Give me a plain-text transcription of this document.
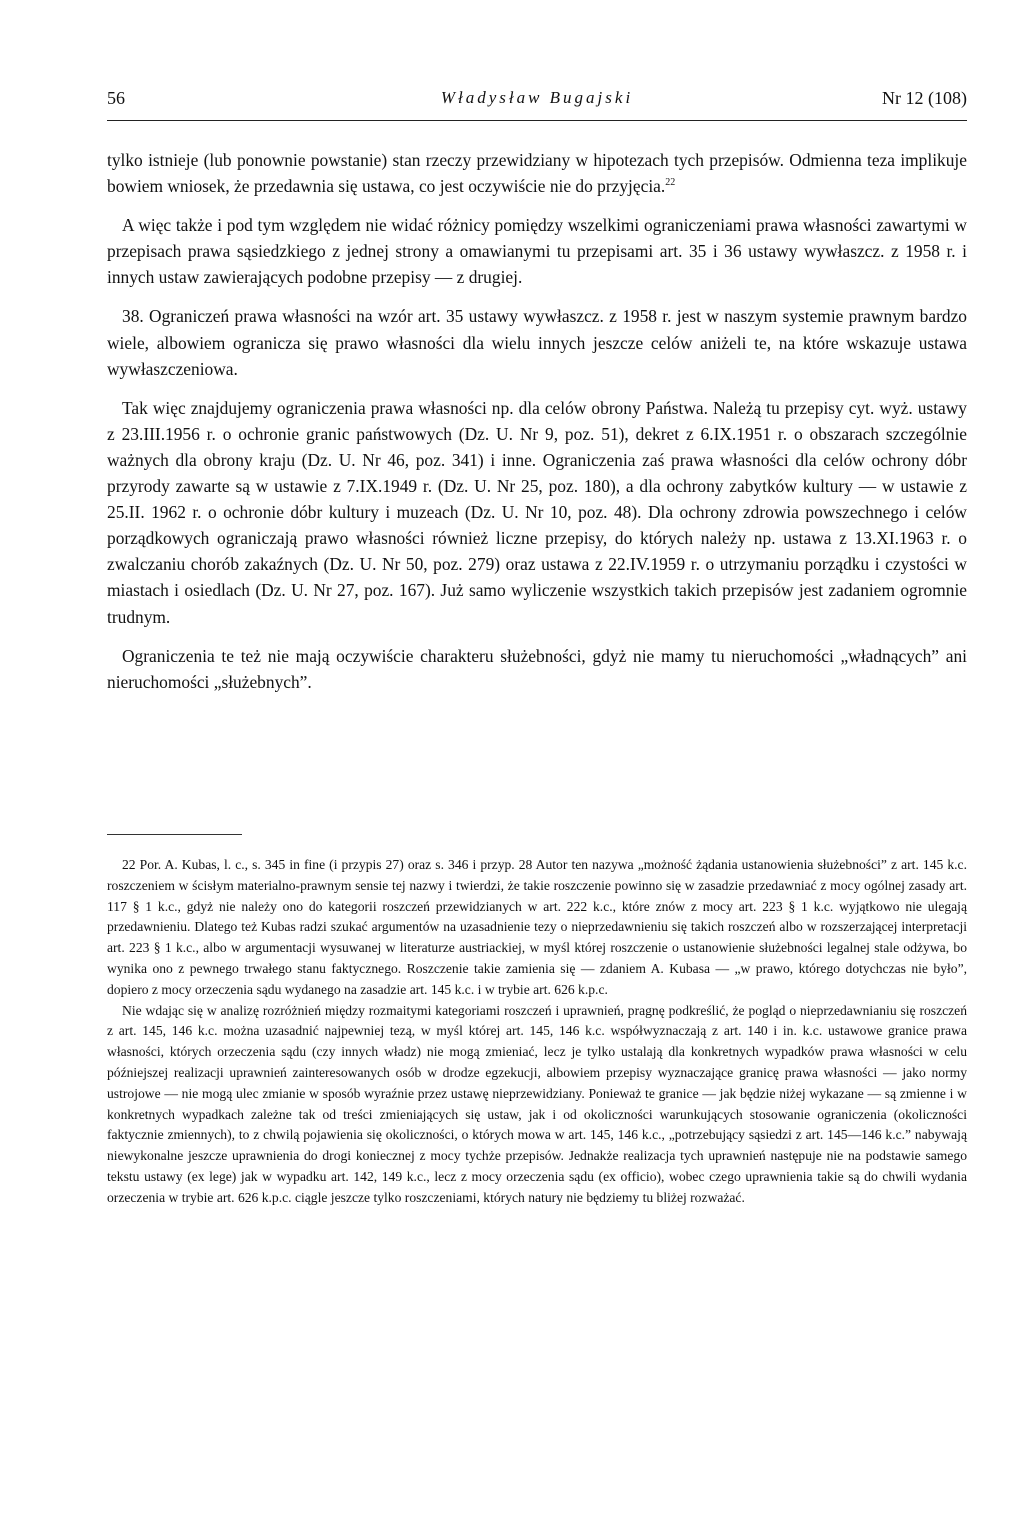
56	Władysław Bugajski	Nr 12 (108)

tylko istnieje (lub ponownie powstanie) stan rzeczy przewidziany w hipotezach tych przepisów. Odmienna teza implikuje bowiem wniosek, że przedawnia się ustawa, co jest oczywiście nie do przyjęcia.$^{22}$

A więc także i pod tym względem nie widać różnicy pomiędzy wszelkimi ograniczeniami prawa własności zawartymi w przepisach prawa sąsiedzkiego z jednej strony a omawianymi tu przepisami art. 35 i 36 ustawy wywłaszcz. z 1958 r. i innych ustaw zawierających podobne przepisy — z drugiej.

38. Ograniczeń prawa własności na wzór art. 35 ustawy wywłaszcz. z 1958 r. jest w naszym systemie prawnym bardzo wiele, albowiem ogranicza się prawo własności dla wielu innych jeszcze celów aniżeli te, na które wskazuje ustawa wywłaszczeniowa.

Tak więc znajdujemy ograniczenia prawa własności np. dla celów obrony Państwa. Należą tu przepisy cyt. wyż. ustawy z 23.III.1956 r. o ochronie granic państwowych (Dz. U. Nr 9, poz. 51), dekret z 6.IX.1951 r. o obszarach szczególnie ważnych dla obrony kraju (Dz. U. Nr 46, poz. 341) i inne. Ograniczenia zaś prawa własności dla celów ochrony dóbr przyrody zawarte są w ustawie z 7.IX.1949 r. (Dz. U. Nr 25, poz. 180), a dla ochrony zabytków kultury — w ustawie z 25.II. 1962 r. o ochronie dóbr kultury i muzeach (Dz. U. Nr 10, poz. 48). Dla ochrony zdrowia powszechnego i celów porządkowych ograniczają prawo własności również liczne przepisy, do których należy np. ustawa z 13.XI.1963 r. o zwalczaniu chorób zakaźnych (Dz. U. Nr 50, poz. 279) oraz ustawa z 22.IV.1959 r. o utrzymaniu porządku i czystości w miastach i osiedlach (Dz. U. Nr 27, poz. 167). Już samo wyliczenie wszystkich takich przepisów jest zadaniem ogromnie trudnym.

Ograniczenia te też nie mają oczywiście charakteru służebności, gdyż nie mamy tu nieruchomości „władnących” ani nieruchomości „służebnych”.

22 Por. A. Kubas, l. c., s. 345 in fine (i przypis 27) oraz s. 346 i przyp. 28 Autor ten nazywa „możność żądania ustanowienia służebności” z art. 145 k.c. roszczeniem w ścisłym materialno-prawnym sensie tej nazwy i twierdzi, że takie roszczenie powinno się w zasadzie przedawniać z mocy ogólnej zasady art. 117 § 1 k.c., gdyż nie należy ono do kategorii roszczeń przewidzianych w art. 222 k.c., które znów z mocy art. 223 § 1 k.c. wyjątkowo nie ulegają przedawnieniu. Dlatego też Kubas radzi szukać argumentów na uzasadnienie tezy o nieprzedawnieniu się takich roszczeń albo w rozszerzającej interpretacji art. 223 § 1 k.c., albo w argumentacji wysuwanej w literaturze austriackiej, w myśl której roszczenie o ustanowienie służebności legalnej stale odżywa, bo wynika ono z pewnego trwałego stanu faktycznego. Roszczenie takie zamienia się — zdaniem A. Kubasa — „w prawo, którego dotychczas nie było”, dopiero z mocy orzeczenia sądu wydanego na zasadzie art. 145 k.c. i w trybie art. 626 k.p.c.

Nie wdając się w analizę rozróżnień między rozmaitymi kategoriami roszczeń i uprawnień, pragnę podkreślić, że pogląd o nieprzedawnianiu się roszczeń z art. 145, 146 k.c. można uzasadnić najpewniej tezą, w myśl której art. 145, 146 k.c. współwyznaczają z art. 140 i in. k.c. ustawowe granice prawa własności, których orzeczenia sądu (czy innych władz) nie mogą zmieniać, lecz je tylko ustalają dla konkretnych wypadków prawa własności w celu późniejszej realizacji uprawnień zainteresowanych osób w drodze egzekucji, albowiem przepisy wyznaczające granicę prawa własności — jako normy ustrojowe — nie mogą ulec zmianie w sposób wyraźnie przez ustawę nieprzewidziany. Ponieważ te granice — jak będzie niżej wykazane — są zmienne i w konkretnych wypadkach zależne tak od treści zmieniających się ustaw, jak i od okoliczności warunkujących stosowanie ograniczenia (okoliczności faktycznie zmiennych), to z chwilą pojawienia się okoliczności, o których mowa w art. 145, 146 k.c., „potrzebujący sąsiedzi z art. 145—146 k.c.” nabywają niewykonalne jeszcze uprawnienia do drogi koniecznej z mocy tychże przepisów. Jednakże realizacja tych uprawnień następuje nie na podstawie samego tekstu ustawy (ex lege) jak w wypadku art. 142, 149 k.c., lecz z mocy orzeczenia sądu (ex officio), wobec czego uprawnienia takie są do chwili wydania orzeczenia w trybie art. 626 k.p.c. ciągle jeszcze tylko roszczeniami, których natury nie będziemy tu bliżej rozważać.
